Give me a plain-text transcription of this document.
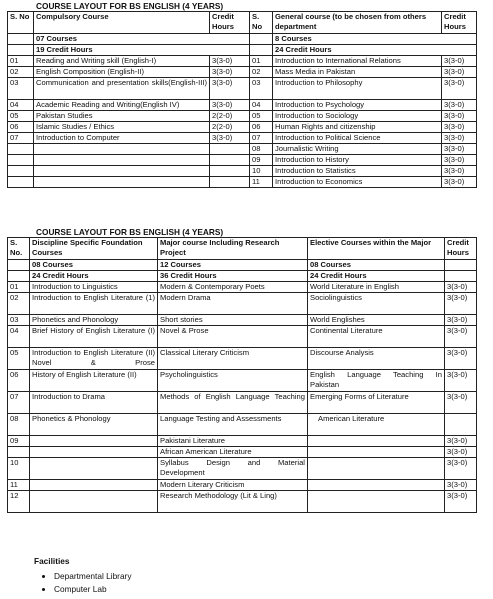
COURSE LAYOUT FOR BS ENGLISH (4 YEARS)
S. No	Compulsory Course	Credit Hours	S. No	General course (to be chosen from others department	Credit Hours
	07 Courses			8 Courses	
	19 Credit Hours			24 Credit Hours	
01	Reading and Writing skill (English-I)	3(3-0)	01	Introduction to International Relations	3(3-0)
02	English Composition (English-II)	3(3-0)	02	Mass Media in Pakistan	3(3-0)
03	Communication and presentation skills(English-III)	3(3-0)	03	Introduction to Philosophy	3(3-0)
04	Academic Reading and Writing(English IV)	3(3-0)	04	Introduction to Psychology	3(3-0)
05	Pakistan Studies	2(2-0)	05	Introduction to Sociology	3(3-0)
06	Islamic Studies / Ethics	2(2-0)	06	Human Rights and citizenship	3(3-0)
07	Introduction to Computer	3(3-0)	07	Introduction to Political Science	3(3-0)
			08	Journalistic Writing	3(3-0)
			09	Introduction to History	3(3-0)
			10	Introduction to Statistics	3(3-0)
			11	Introduction to Economics	3(3-0)
COURSE LAYOUT FOR BS ENGLISH (4 YEARS)
S. No.	Discipline Specific Foundation Courses	Major course Including Research Project	Elective Courses within the Major	Credit Hours
	08 Courses	12 Courses	08 Courses	
	24 Credit Hours	36 Credit Hours	24 Credit Hours	
01	Introduction to Linguistics	Modern & Contemporary Poets	World Literature in English	3(3-0)
02	Introduction to English Literature (1)	Modern Drama	Sociolinguistics	3(3-0)
03	Phonetics and Phonology	Short stories	World Englishes	3(3-0)
04	Brief History of English Literature (I)	Novel & Prose	Continental Literature	3(3-0)
05	Introduction to English Literature (II) Novel & Prose	Classical Literary Criticism	Discourse Analysis	3(3-0)
06	History of English Literature (II)	Psycholinguistics	English Language Teaching In Pakistan	3(3-0)
07	Introduction to Drama	Methods of English Language Teaching	Emerging Forms of Literature	3(3-0)
08	Phonetics & Phonology	Language Testing and Assessments	American Literature	
09		Pakistani Literature		3(3-0)
		African American Literature		3(3-0)
10		Syllabus Design and Material Development		3(3-0)
11		Modern Literary Criticism		3(3-0)
12		Research Methodology (Lit & Ling)		3(3-0)
Facilities
• Departmental Library
• Computer Lab
